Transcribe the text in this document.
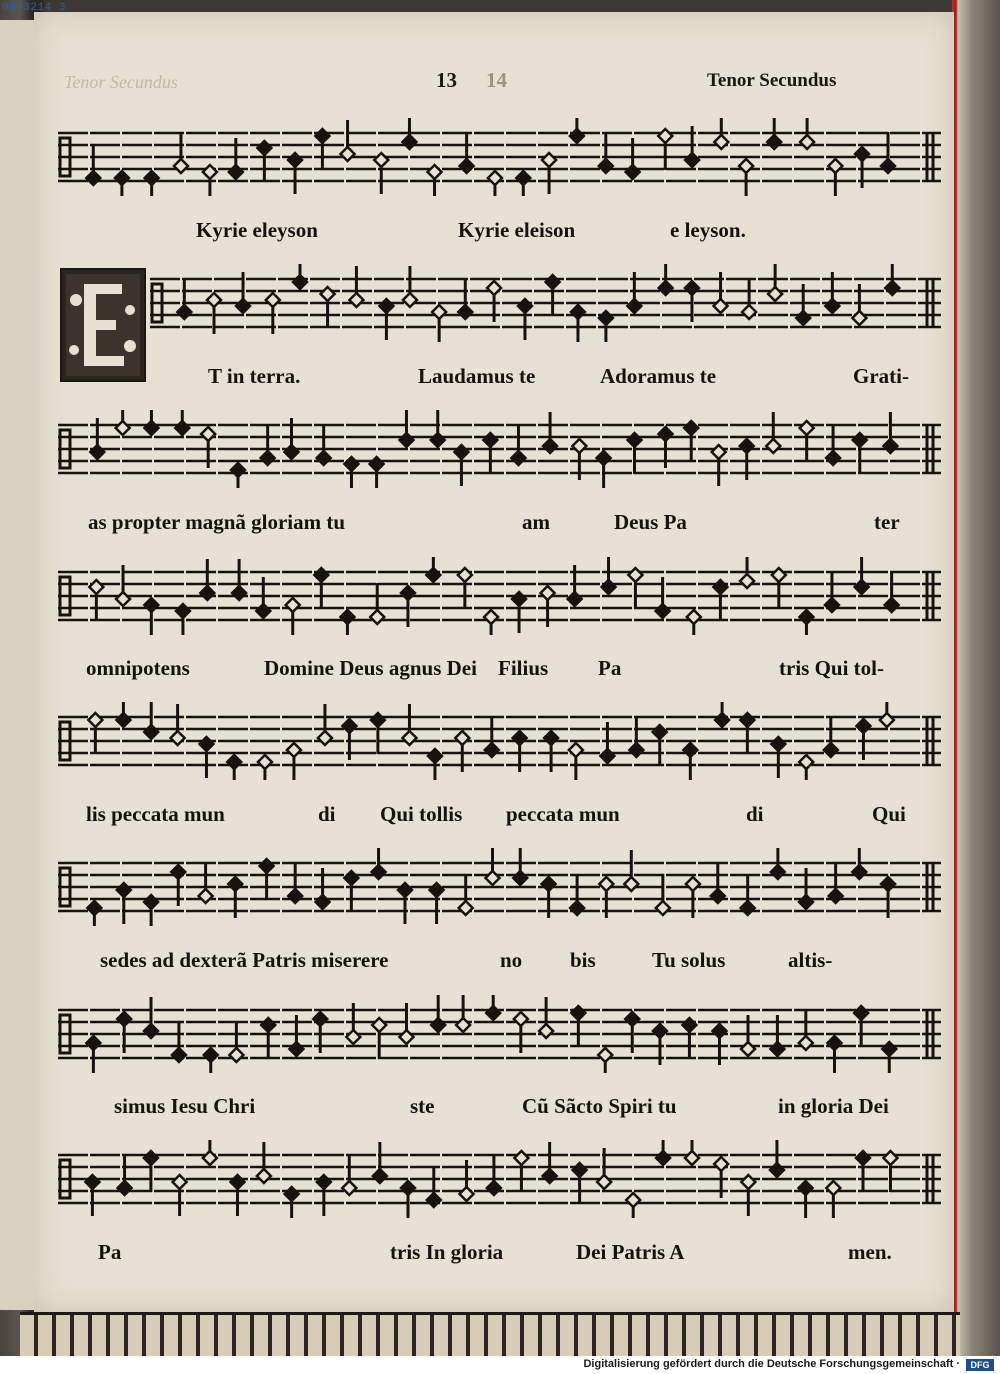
0003214 3
Tenor Secundus	13 14	Tenor Secundus
Kyrie eleyson	Kyrie eleison	e leyson.
T in terra.	Laudamus te	Adoramus te	Grati-
as propter magnã gloriam tu	am	Deus Pa	ter
omnipotens	Domine Deus agnus Dei Filius Pa	tris Qui tol-
lis peccata mun	di Qui tollis peccata mun	di	Qui
sedes ad dexterã Patris miserere	no bis	Tu solus	altis-
simus Iesu Chri	ste	Cũ Sãcto Spiri tu	in gloria Dei
Pa	tris In gloria	Dei Patris A	men.
Digitalisierung gefördert durch die Deutsche Forschungsgemeinschaft ·	DFG
